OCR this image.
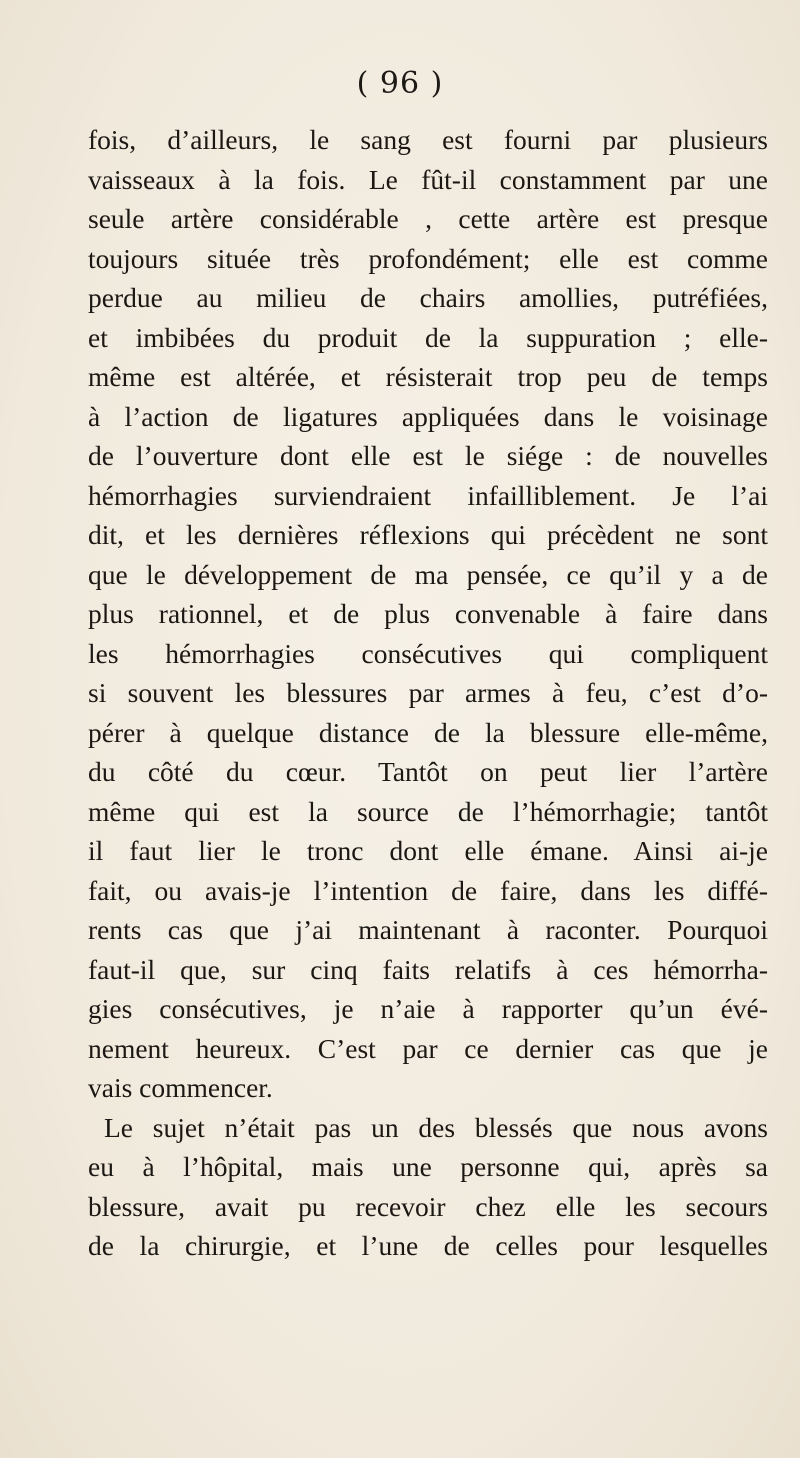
( 96 )
fois, d’ailleurs, le sang est fourni par plusieurs
vaisseaux à la fois. Le fût-il constamment par une
seule artère considérable , cette artère est presque
toujours située très profondément; elle est comme
perdue au milieu de chairs amollies, putréfiées,
et imbibées du produit de la suppuration ; elle-
même est altérée, et résisterait trop peu de temps
à l’action de ligatures appliquées dans le voisinage
de l’ouverture dont elle est le siége : de nouvelles
hémorrhagies surviendraient infailliblement. Je l’ai
dit, et les dernières réflexions qui précèdent ne sont
que le développement de ma pensée, ce qu’il y a de
plus rationnel, et de plus convenable à faire dans
les hémorrhagies consécutives qui compliquent
si souvent les blessures par armes à feu, c’est d’o-
pérer à quelque distance de la blessure elle-même,
du côté du cœur. Tantôt on peut lier l’artère
même qui est la source de l’hémorrhagie; tantôt
il faut lier le tronc dont elle émane. Ainsi ai-je
fait, ou avais-je l’intention de faire, dans les diffé-
rents cas que j’ai maintenant à raconter. Pourquoi
faut-il que, sur cinq faits relatifs à ces hémorrha-
gies consécutives, je n’aie à rapporter qu’un évé-
nement heureux. C’est par ce dernier cas que je
vais commencer.
Le sujet n’était pas un des blessés que nous avons
eu à l’hôpital, mais une personne qui, après sa
blessure, avait pu recevoir chez elle les secours
de la chirurgie, et l’une de celles pour lesquelles
